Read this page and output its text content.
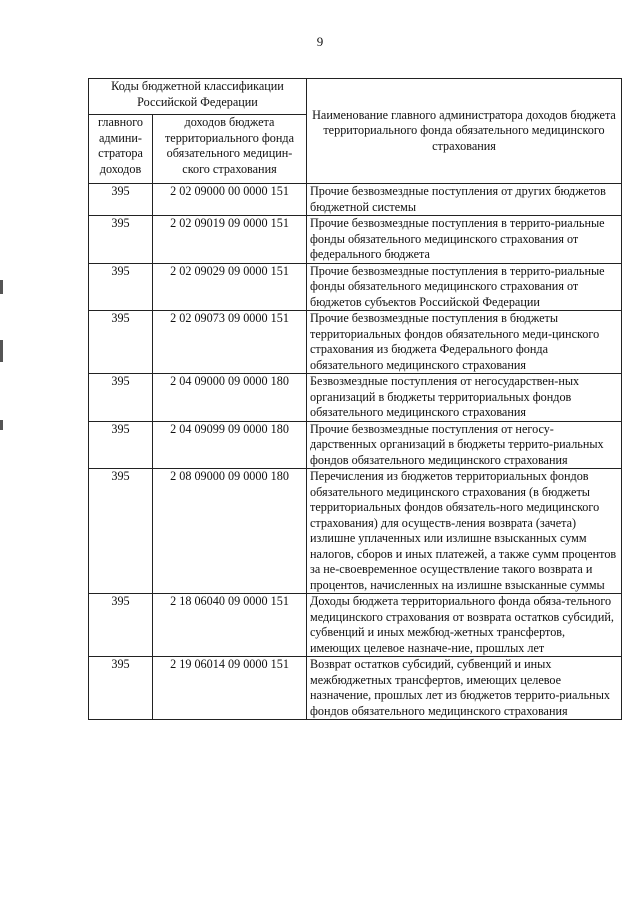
9
Коды бюджетной классификации Российской Федерации		Наименование главного администратора доходов бюджета территориального фонда обязательного медицинского страхования
главного админи-стратора доходов	доходов бюджета территориального фонда обязательного медицин-ского страхования	
395	2 02 09000 00 0000 151	Прочие безвозмездные поступления от других бюджетов бюджетной системы
395	2 02 09019 09 0000 151	Прочие безвозмездные поступления в террито-риальные фонды обязательного медицинского страхования от федерального бюджета
395	2 02 09029 09 0000 151	Прочие безвозмездные поступления в террито-риальные фонды обязательного медицинского страхования от бюджетов субъектов Российской Федерации
395	2 02 09073 09 0000 151	Прочие безвозмездные поступления в бюджеты территориальных фондов обязательного меди-цинского страхования из бюджета Федерального фонда обязательного медицинского страхования
395	2 04 09000 09 0000 180	Безвозмездные поступления от негосударствен-ных организаций в бюджеты территориальных фондов обязательного медицинского страхования
395	2 04 09099 09 0000 180	Прочие безвозмездные поступления от негосу-дарственных организаций в бюджеты террито-риальных фондов обязательного медицинского страхования
395	2 08 09000 09 0000 180	Перечисления из бюджетов территориальных фондов обязательного медицинского страхования (в бюджеты территориальных фондов обязатель-ного медицинского страхования) для осуществ-ления возврата (зачета) излишне уплаченных или излишне взысканных сумм налогов, сборов и иных платежей, а также сумм процентов за не-своевременное осуществление такого возврата и процентов, начисленных на излишне взысканные суммы
395	2 18 06040 09 0000 151	Доходы бюджета территориального фонда обяза-тельного медицинского страхования от возврата остатков субсидий, субвенций и иных межбюд-жетных трансфертов, имеющих целевое назначе-ние, прошлых лет
395	2 19 06014 09 0000 151	Возврат остатков субсидий, субвенций и иных межбюджетных трансфертов, имеющих целевое назначение, прошлых лет из бюджетов террито-риальных фондов обязательного медицинского страхования
